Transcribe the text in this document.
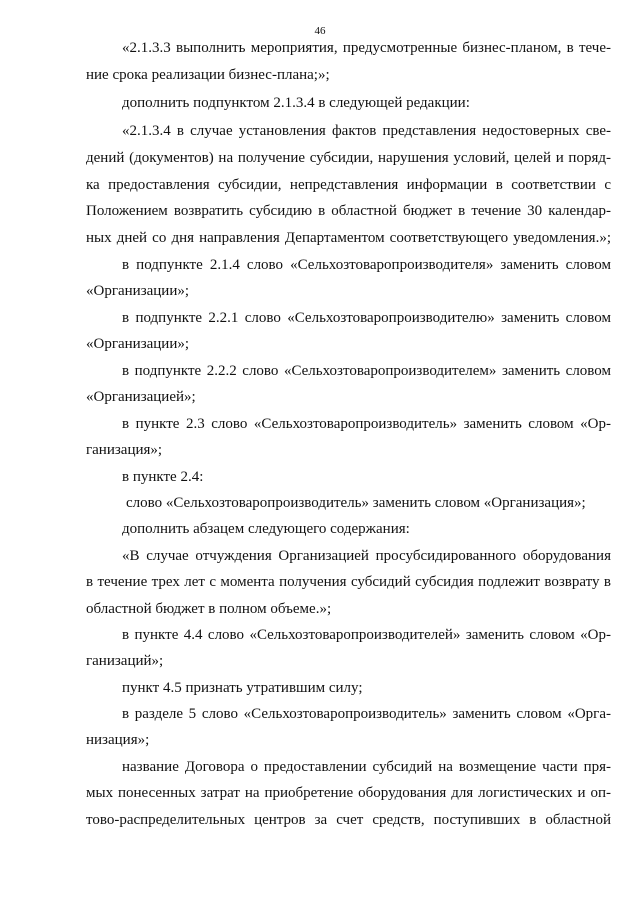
46
«2.1.3.3 выполнить мероприятия, предусмотренные бизнес-планом, в тече-
ние срока реализации бизнес-плана;»;
дополнить подпунктом 2.1.3.4 в следующей редакции:
«2.1.3.4 в случае установления фактов представления недостоверных све-
дений (документов) на получение субсидии, нарушения условий, целей и поряд-
ка предоставления субсидии, непредставления информации в соответствии с
Положением возвратить субсидию в областной бюджет в течение 30 календар-
ных дней со дня направления Департаментом соответствующего уведомления.»;
в подпункте 2.1.4 слово «Сельхозтоваропроизводителя» заменить словом
«Организации»;
в подпункте 2.2.1 слово «Сельхозтоваропроизводителю» заменить словом
«Организации»;
в подпункте 2.2.2 слово «Сельхозтоваропроизводителем» заменить словом
«Организацией»;
в пункте 2.3 слово «Сельхозтоваропроизводитель» заменить словом «Ор-
ганизация»;
в пункте 2.4:
слово «Сельхозтоваропроизводитель» заменить словом «Организация»;
дополнить абзацем следующего содержания:
«В случае отчуждения Организацией просубсидированного оборудования
в течение трех лет с момента получения субсидий субсидия подлежит возврату в
областной бюджет в полном объеме.»;
в пункте 4.4 слово «Сельхозтоваропроизводителей» заменить словом «Ор-
ганизаций»;
пункт 4.5 признать утратившим силу;
в разделе 5 слово «Сельхозтоваропроизводитель» заменить словом «Орга-
низация»;
название Договора о предоставлении субсидий на возмещение части пря-
мых понесенных затрат на приобретение оборудования для логистических и оп-
тово-распределительных центров за счет средств, поступивших в областной
